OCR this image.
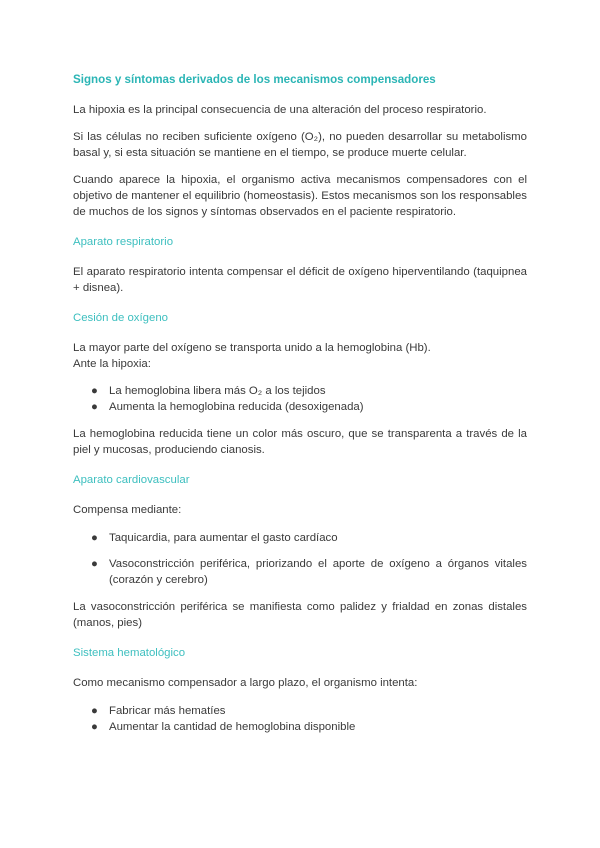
Signos y síntomas derivados de los mecanismos compensadores

La hipoxia es la principal consecuencia de una alteración del proceso respiratorio.

Si las células no reciben suficiente oxígeno (O₂), no pueden desarrollar su metabolismo basal y, si esta situación se mantiene en el tiempo, se produce muerte celular.

Cuando aparece la hipoxia, el organismo activa mecanismos compensadores con el objetivo de mantener el equilibrio (homeostasis). Estos mecanismos son los responsables de muchos de los signos y síntomas observados en el paciente respiratorio.

Aparato respiratorio

El aparato respiratorio intenta compensar el déficit de oxígeno hiperventilando (taquipnea + disnea).

Cesión de oxígeno

La mayor parte del oxígeno se transporta unido a la hemoglobina (Hb).

Ante la hipoxia:

● La hemoglobina libera más O₂ a los tejidos
● Aumenta la hemoglobina reducida (desoxigenada)

La hemoglobina reducida tiene un color más oscuro, que se transparenta a través de la piel y mucosas, produciendo cianosis.

Aparato cardiovascular

Compensa mediante:

● Taquicardia, para aumentar el gasto cardíaco
● Vasoconstricción periférica, priorizando el aporte de oxígeno a órganos vitales (corazón y cerebro)

La vasoconstricción periférica se manifiesta como palidez y frialdad en zonas distales (manos, pies)

Sistema hematológico

Como mecanismo compensador a largo plazo, el organismo intenta:

● Fabricar más hematíes
● Aumentar la cantidad de hemoglobina disponible
